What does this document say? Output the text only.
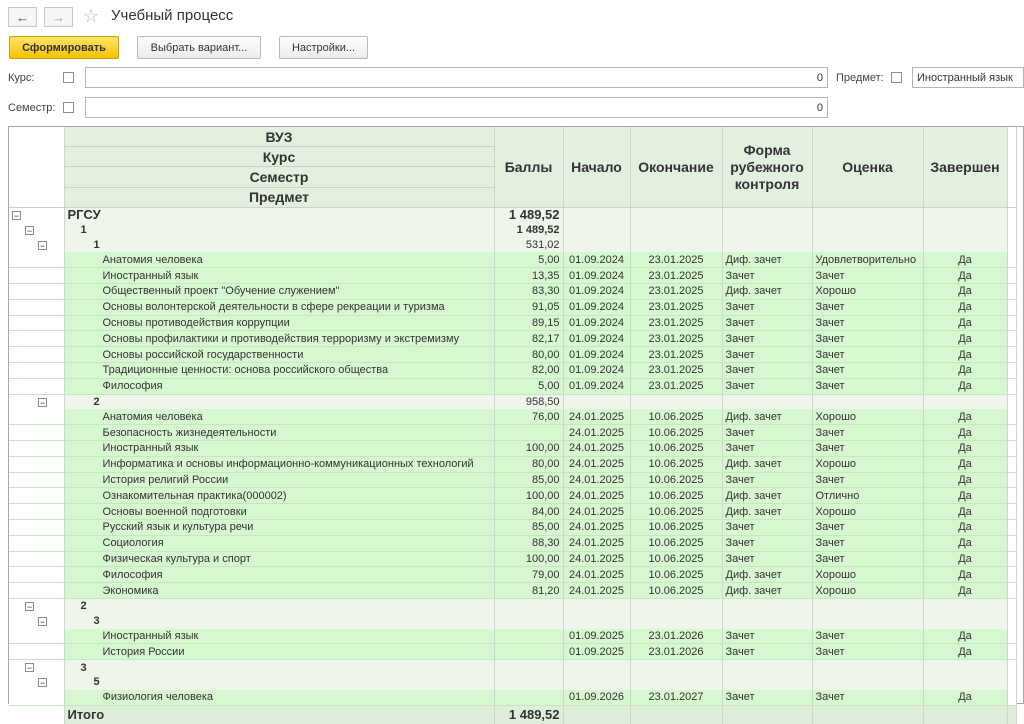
← → ☆ Учебный процесс
Сформировать	Выбрать вариант...	Настройки...
Курс:	0	Предмет:	Иностранный язык
Семестр:	0
	ВУЗ	Баллы	Начало	Окончание	Форма рубежного контроля	Оценка	Завершен	
	Курс							
	Семестр							
	Предмет							
−	РГСУ	1 489,52						
−	1	1 489,52						
−	1	531,02						
	Анатомия человека	5,00	01.09.2024	23.01.2025	Диф. зачет	Удовлетворительно	Да	
	Иностранный язык	13,35	01.09.2024	23.01.2025	Зачет	Зачет	Да	
	Общественный проект "Обучение служением"	83,30	01.09.2024	23.01.2025	Диф. зачет	Хорошо	Да	
	Основы волонтерской деятельности в сфере рекреации и туризма	91,05	01.09.2024	23.01.2025	Зачет	Зачет	Да	
	Основы противодействия коррупции	89,15	01.09.2024	23.01.2025	Зачет	Зачет	Да	
	Основы профилактики и противодействия терроризму и экстремизму	82,17	01.09.2024	23.01.2025	Зачет	Зачет	Да	
	Основы российской государственности	80,00	01.09.2024	23.01.2025	Зачет	Зачет	Да	
	Традиционные ценности: основа российского общества	82,00	01.09.2024	23.01.2025	Зачет	Зачет	Да	
	Философия	5,00	01.09.2024	23.01.2025	Зачет	Зачет	Да	
−	2	958,50						
	Анатомия человека	76,00	24.01.2025	10.06.2025	Диф. зачет	Хорошо	Да	
	Безопасность жизнедеятельности		24.01.2025	10.06.2025	Зачет	Зачет	Да	
	Иностранный язык	100,00	24.01.2025	10.06.2025	Зачет	Зачет	Да	
	Информатика и основы информационно-коммуникационных технологий	80,00	24.01.2025	10.06.2025	Диф. зачет	Хорошо	Да	
	История религий России	85,00	24.01.2025	10.06.2025	Зачет	Зачет	Да	
	Ознакомительная практика(000002)	100,00	24.01.2025	10.06.2025	Диф. зачет	Отлично	Да	
	Основы военной подготовки	84,00	24.01.2025	10.06.2025	Диф. зачет	Хорошо	Да	
	Русский язык и культура речи	85,00	24.01.2025	10.06.2025	Зачет	Зачет	Да	
	Социология	88,30	24.01.2025	10.06.2025	Зачет	Зачет	Да	
	Физическая культура и спорт	100,00	24.01.2025	10.06.2025	Зачет	Зачет	Да	
	Философия	79,00	24.01.2025	10.06.2025	Диф. зачет	Хорошо	Да	
	Экономика	81,20	24.01.2025	10.06.2025	Диф. зачет	Хорошо	Да	
−	2							
−	3							
	Иностранный язык		01.09.2025	23.01.2026	Зачет	Зачет	Да	
	История России		01.09.2025	23.01.2026	Зачет	Зачет	Да	
−	3							
−	5							
	Физиология человека		01.09.2026	23.01.2027	Зачет	Зачет	Да	
	Итого	1 489,52						
